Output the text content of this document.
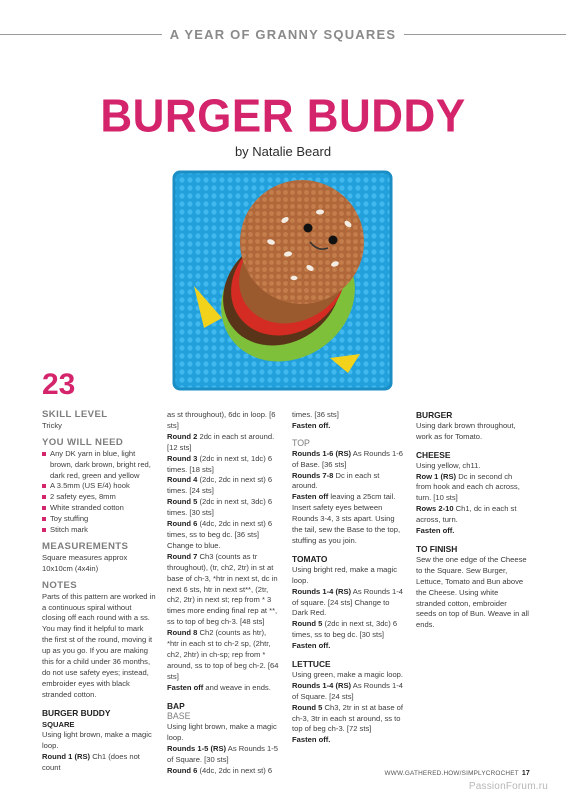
A YEAR OF GRANNY SQUARES
BURGER BUDDY
by Natalie Beard
23

SKILL LEVEL

Tricky

YOU WILL NEED

Any DK yarn in blue, light brown, dark brown, bright red, dark red, green and yellow
A 3.5mm (US E/4) hook
2 safety eyes, 8mm
White stranded cotton
Toy stuffing
Stitch mark

MEASUREMENTS

Square measures approx 10x10cm (4x4in)

NOTES

Parts of this pattern are worked in a continuous spiral without closing off each round with a ss. You may find it helpful to mark the first st of the round, moving it up as you go. If you are making this for a child under 36 months, do not use safety eyes; instead, embroider eyes with black stranded cotton.

BURGER BUDDY

SQUARE

Using light brown, make a magic loop.

Round 1 (RS) Ch1 (does not count

as st throughout), 6dc in loop. [6 sts]

Round 2 2dc in each st around. [12 sts]

Round 3 (2dc in next st, 1dc) 6 times. [18 sts]

Round 4 (2dc, 2dc in next st) 6 times. [24 sts]

Round 5 (2dc in next st, 3dc) 6 times. [30 sts]

Round 6 (4dc, 2dc in next st) 6 times, ss to beg dc. [36 sts] Change to blue.

Round 7 Ch3 (counts as tr throughout), (tr, ch2, 2tr) in st at base of ch-3, *htr in next st, dc in next 6 sts, htr in next st**, (2tr, ch2, 2tr) in next st; rep from * 3 times more ending final rep at **, ss to top of beg ch-3. [48 sts]

Round 8 Ch2 (counts as htr), *htr in each st to ch-2 sp, (2htr, ch2, 2htr) in ch-sp; rep from * around, ss to top of beg ch-2. [64 sts]

Fasten off and weave in ends.

BAP

BASE

Using light brown, make a magic loop.

Rounds 1-5 (RS) As Rounds 1-5 of Square. [30 sts]

Round 6 (4dc, 2dc in next st) 6

times. [36 sts]

Fasten off.

TOP

Rounds 1-6 (RS) As Rounds 1-6 of Base. [36 sts]

Rounds 7-8 Dc in each st around.

Fasten off leaving a 25cm tail. Insert safety eyes between Rounds 3-4, 3 sts apart. Using the tail, sew the Base to the top, stuffing as you join.

TOMATO

Using bright red, make a magic loop.

Rounds 1-4 (RS) As Rounds 1-4 of square. [24 sts] Change to Dark Red.

Round 5 (2dc in next st, 3dc) 6 times, ss to beg dc. [30 sts]

Fasten off.

LETTUCE

Using green, make a magic loop.

Rounds 1-4 (RS) As Rounds 1-4 of Square. [24 sts]

Round 5 Ch3, 2tr in st at base of ch-3, 3tr in each st around, ss to top of beg ch-3. [72 sts]

Fasten off.

BURGER

Using dark brown throughout, work as for Tomato.

CHEESE

Using yellow, ch11.

Row 1 (RS) Dc in second ch from hook and each ch across, turn. [10 sts]

Rows 2-10 Ch1, dc in each st across, turn.

Fasten off.

TO FINISH

Sew the one edge of the Cheese to the Square. Sew Burger, Lettuce, Tomato and Bun above the Cheese. Using white stranded cotton, embroider seeds on top of Bun. Weave in all ends.

WWW.GATHERED.HOW/SIMPLYCROCHET 17
PassionForum.ru
